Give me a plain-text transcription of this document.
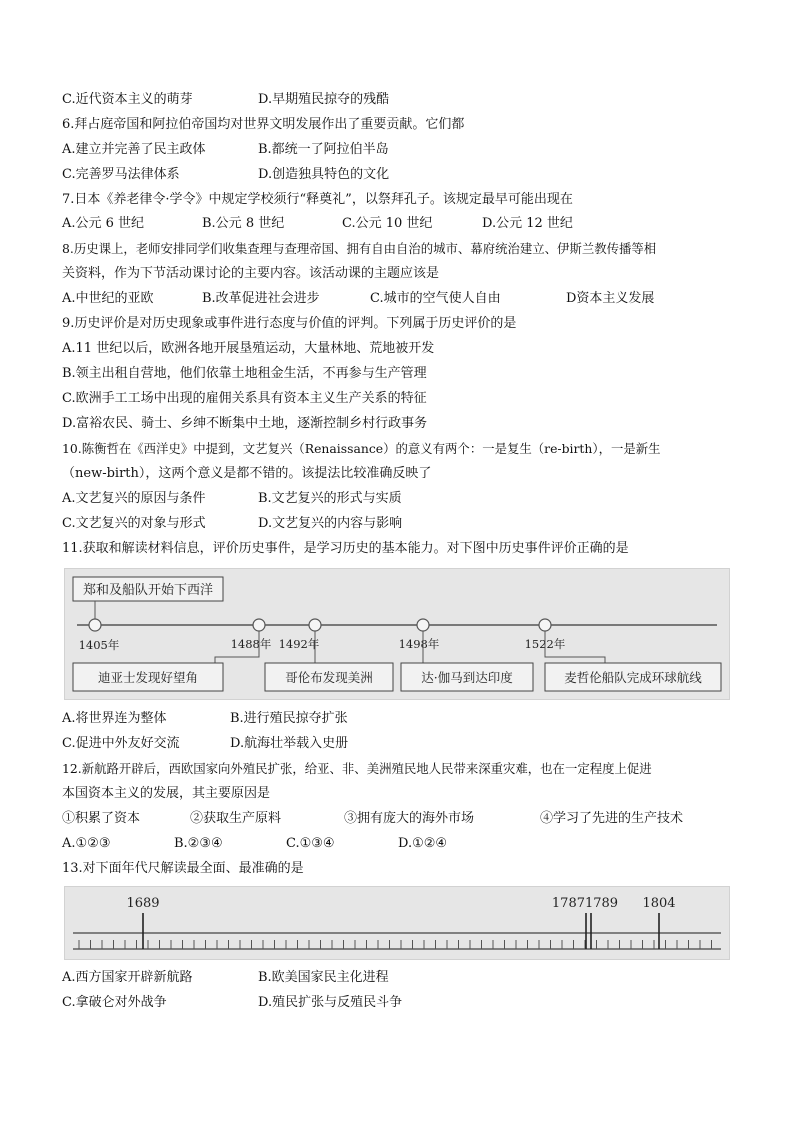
C.近代资本主义的萌芽	D.早期殖民掠夺的残酷
6.拜占庭帝国和阿拉伯帝国均对世界文明发展作出了重要贡献。它们都
A.建立并完善了民主政体	B.都统一了阿拉伯半岛
C.完善罗马法律体系	D.创造独具特色的文化
7.日本《养老律令·学令》中规定学校须行“释奠礼”，以祭拜孔子。该规定最早可能出现在
A.公元 6 世纪	B.公元 8 世纪	C.公元 10 世纪	D.公元 12 世纪
8.历史课上，老师安排同学们收集查理与查理帝国、拥有自由自治的城市、幕府统治建立、伊斯兰教传播等相
关资料，作为下节活动课讨论的主要内容。该活动课的主题应该是
A.中世纪的亚欧	B.改革促进社会进步	C.城市的空气使人自由	D资本主义发展
9.历史评价是对历史现象或事件进行态度与价值的评判。下列属于历史评价的是
A.11 世纪以后，欧洲各地开展垦殖运动，大量林地、荒地被开发
B.领主出租自营地，他们依靠土地租金生活，不再参与生产管理
C.欧洲手工工场中出现的雇佣关系具有资本主义生产关系的特征
D.富裕农民、骑士、乡绅不断集中土地，逐渐控制乡村行政事务
10.陈衡哲在《西洋史》中提到，文艺复兴（Renaissance）的意义有两个：一是复生（re-birth），一是新生
（new-birth），这两个意义是都不错的。该提法比较准确反映了
A.文艺复兴的原因与条件	B.文艺复兴的形式与实质
C.文艺复兴的对象与形式	D.文艺复兴的内容与影响
11.获取和解读材料信息，评价历史事件，是学习历史的基本能力。对下图中历史事件评价正确的是
郑和及船队开始下西洋
1405年	1488年 1492年	1498年	1522年
迪亚士发现好望角	哥伦布发现美洲	达·伽马到达印度	麦哲伦船队完成环球航线
A.将世界连为整体	B.进行殖民掠夺扩张
C.促进中外友好交流	D.航海壮举载入史册
12.新航路开辟后，西欧国家向外殖民扩张，给亚、非、美洲殖民地人民带来深重灾难，也在一定程度上促进
本国资本主义的发展，其主要原因是
①积累了资本	②获取生产原料	③拥有庞大的海外市场	④学习了先进的生产技术
A.①②③	B.②③④	C.①③④	D.①②④
13.对下面年代尺解读最全面、最准确的是
1689	17871789 1804
A.西方国家开辟新航路	B.欧美国家民主化进程
C.拿破仑对外战争	D.殖民扩张与反殖民斗争
